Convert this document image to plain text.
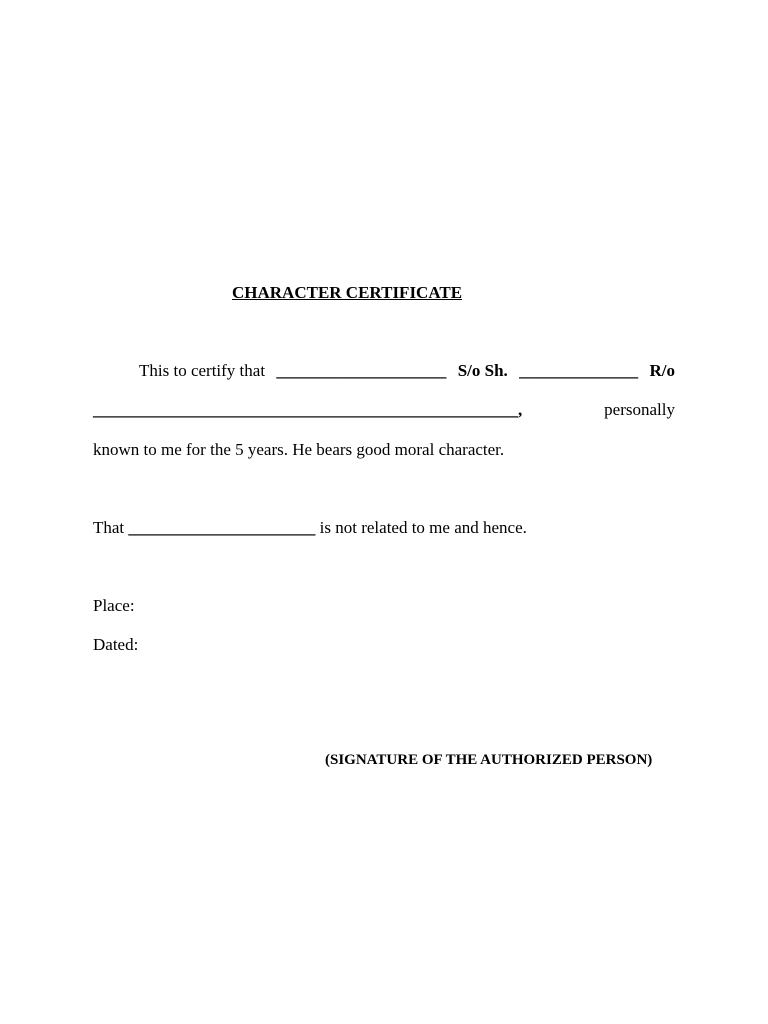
CHARACTER CERTIFICATE

This to certify that ____________________ S/o Sh. ______________ R/o

__________________________________________________,	personally

known to me for the 5 years. He bears good moral character.

That ______________________ is not related to me and hence.

Place:

Dated:

(SIGNATURE OF THE AUTHORIZED PERSON)
